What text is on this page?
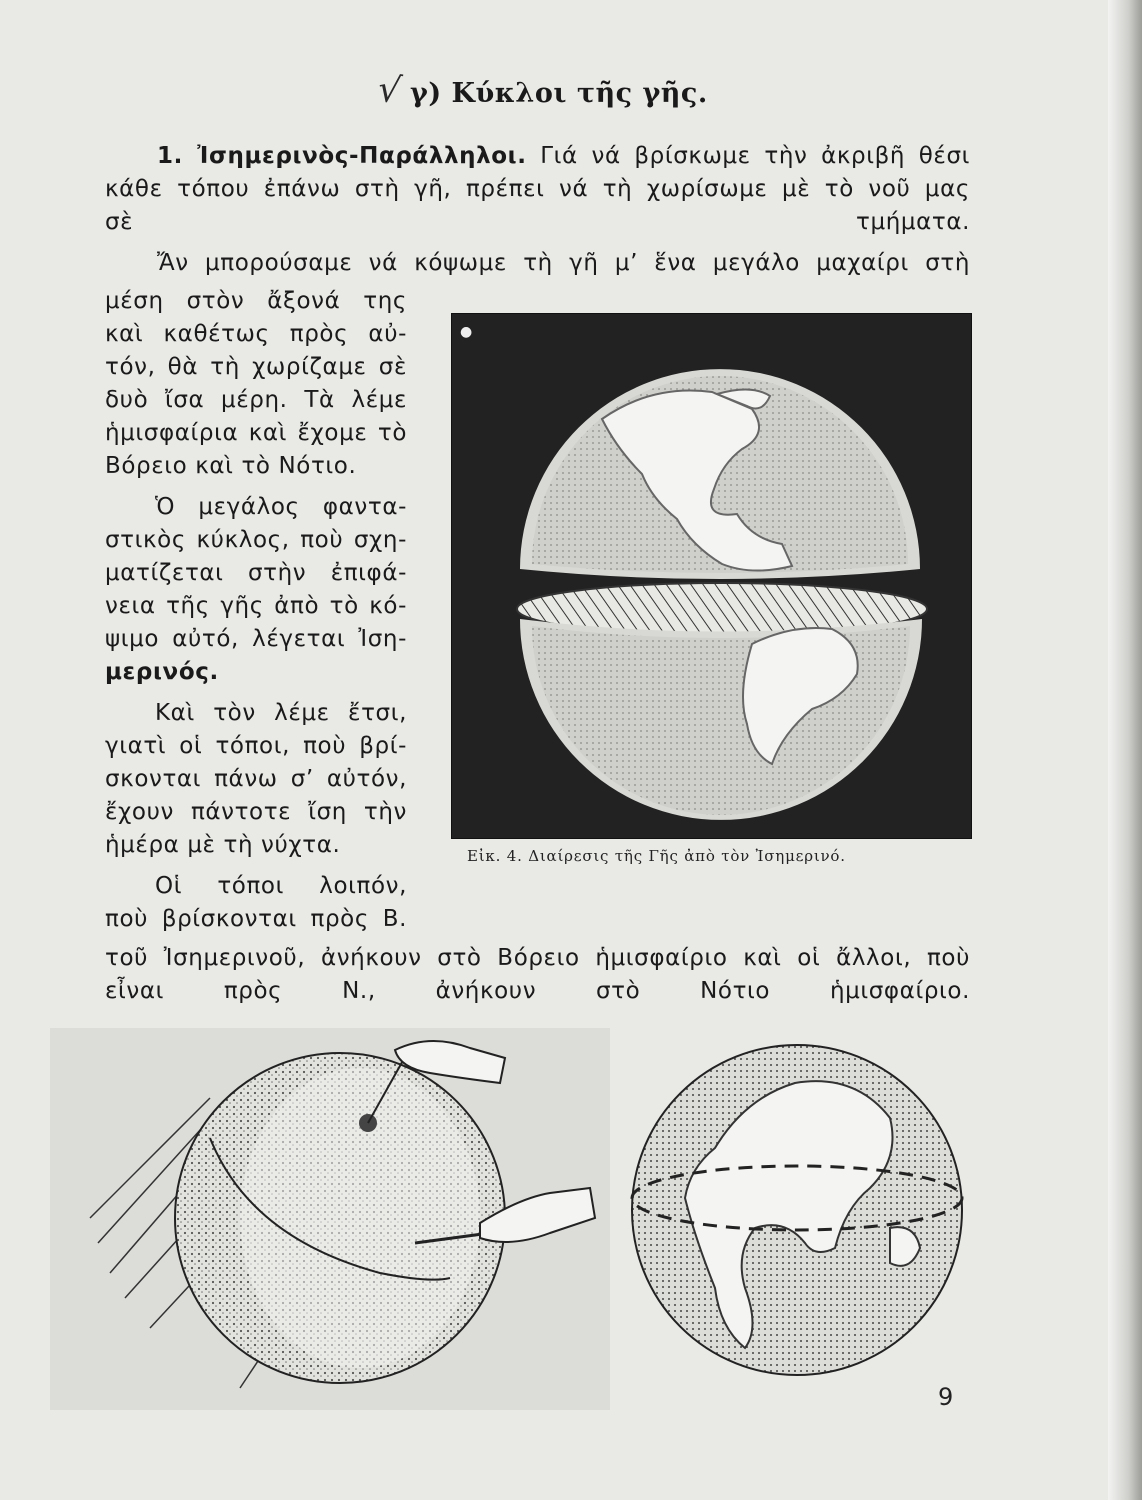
√ γ) Κύκλοι τῆς γῆς.
1. Ἰσημερινὸς-Παράλληλοι. Γιά νά βρίσκωμε τὴν ἀκριβῆ θέσι
κάθε τόπου ἐπάνω στὴ γῆ, πρέπει νά τὴ χωρίσωμε μὲ τὸ νοῦ μας
σὲ τμήματα.
Ἄν μπορούσαμε νά κόψωμε τὴ γῆ μ’ ἕνα μεγάλο μαχαίρι στὴ
μέση στὸν ἄξονά της
καὶ καθέτως πρὸς αὐ-
τόν, θὰ τὴ χωρίζαμε σὲ
δυὸ ἴσα μέρη. Τὰ λέμε
ἡμισφαίρια καὶ ἔχομε τὸ
Βόρειο καὶ τὸ Νότιο.
Ὁ μεγάλος φαντα-
στικὸς κύκλος, ποὺ σχη-
ματίζεται στὴν ἐπιφά-
νεια τῆς γῆς ἀπὸ τὸ κό-
ψιμο αὐτό, λέγεται Ἰση-
μερινός.
Καὶ τὸν λέμε ἔτσι,
γιατὶ οἱ τόποι, ποὺ βρί-
σκονται πάνω σ’ αὐτόν,
ἔχουν πάντοτε ἴση τὴν
ἡμέρα μὲ τὴ νύχτα.
Οἱ τόποι λοιπόν,
ποὺ βρίσκονται πρὸς Β.
●
Εἰκ. 4. Διαίρεσις τῆς Γῆς ἀπὸ τὸν Ἰσημερινό.
τοῦ Ἰσημερινοῦ, ἀνήκουν στὸ Βόρειο ἡμισφαίριο καὶ οἱ ἄλλοι, ποὺ
εἶναι πρὸς Ν., ἀνήκουν στὸ Νότιο ἡμισφαίριο.
9
